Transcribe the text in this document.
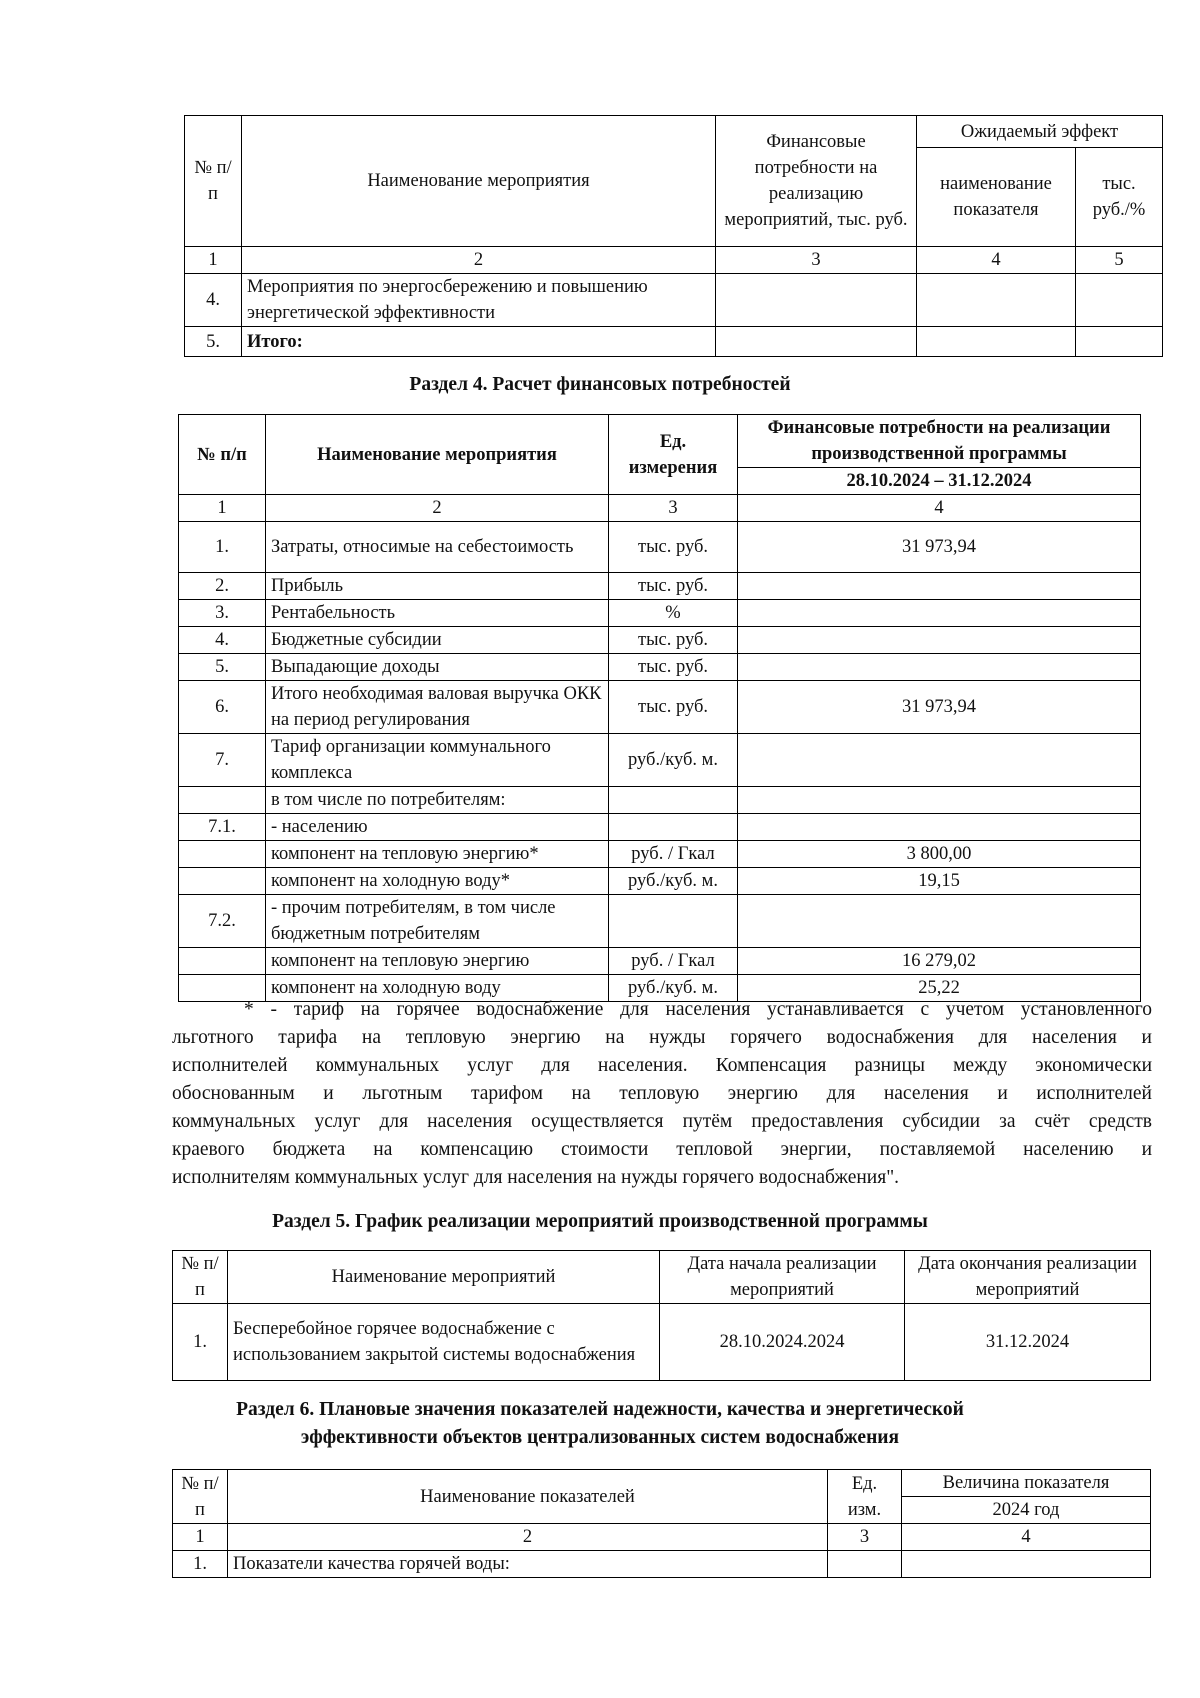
№ п/п	Наименование мероприятия	Финансовые потребности на реализацию мероприятий, тыс. руб.	Ожидаемый эффект	
			наименование показателя	тыс. руб./%
1	2	3	4	5
4.	Мероприятия по энергосбережению и повышению энергетической эффективности			
5.	Итого:			
Раздел 4. Расчет финансовых потребностей
№ п/п	Наименование мероприятия	Ед. измерения	Финансовые потребности на реализации производственной программы
			28.10.2024 – 31.12.2024
1	2	3	4
1.	Затраты, относимые на себестоимость	тыс. руб.	31 973,94
2.	Прибыль	тыс. руб.	
3.	Рентабельность	%	
4.	Бюджетные субсидии	тыс. руб.	
5.	Выпадающие доходы	тыс. руб.	
6.	Итого необходимая валовая выручка ОКК на период регулирования	тыс. руб.	31 973,94
7.	Тариф организации коммунального комплекса	руб./куб. м.	
	в том числе по потребителям:		
7.1.	- населению		
	компонент на тепловую энергию*	руб. / Гкал	3 800,00
	компонент на холодную воду*	руб./куб. м.	19,15
7.2.	- прочим потребителям, в том числе бюджетным потребителям		
	компонент на тепловую энергию	руб. / Гкал	16 279,02
	компонент на холодную воду	руб./куб. м.	25,22
* - тариф на горячее водоснабжение для населения устанавливается с учетом установленного
льготного тарифа на тепловую энергию на нужды горячего водоснабжения для населения и
исполнителей коммунальных услуг для населения. Компенсация разницы между экономически
обоснованным и льготным тарифом на тепловую энергию для населения и исполнителей
коммунальных услуг для населения осуществляется путём предоставления субсидии за счёт средств
краевого бюджета на компенсацию стоимости тепловой энергии, поставляемой населению и
исполнителям коммунальных услуг для населения на нужды горячего водоснабжения".
Раздел 5. График реализации мероприятий производственной программы
№ п/п	Наименование мероприятий	Дата начала реализации мероприятий	Дата окончания реализации мероприятий
1.	Бесперебойное горячее водоснабжение с использованием закрытой системы водоснабжения	28.10.2024.2024	31.12.2024
Раздел 6. Плановые значения показателей надежности, качества и энергетической
эффективности объектов централизованных систем водоснабжения
№ п/п	Наименование показателей	Ед. изм.	Величина показателя
			2024 год
1	2	3	4
1.	Показатели качества горячей воды:		
